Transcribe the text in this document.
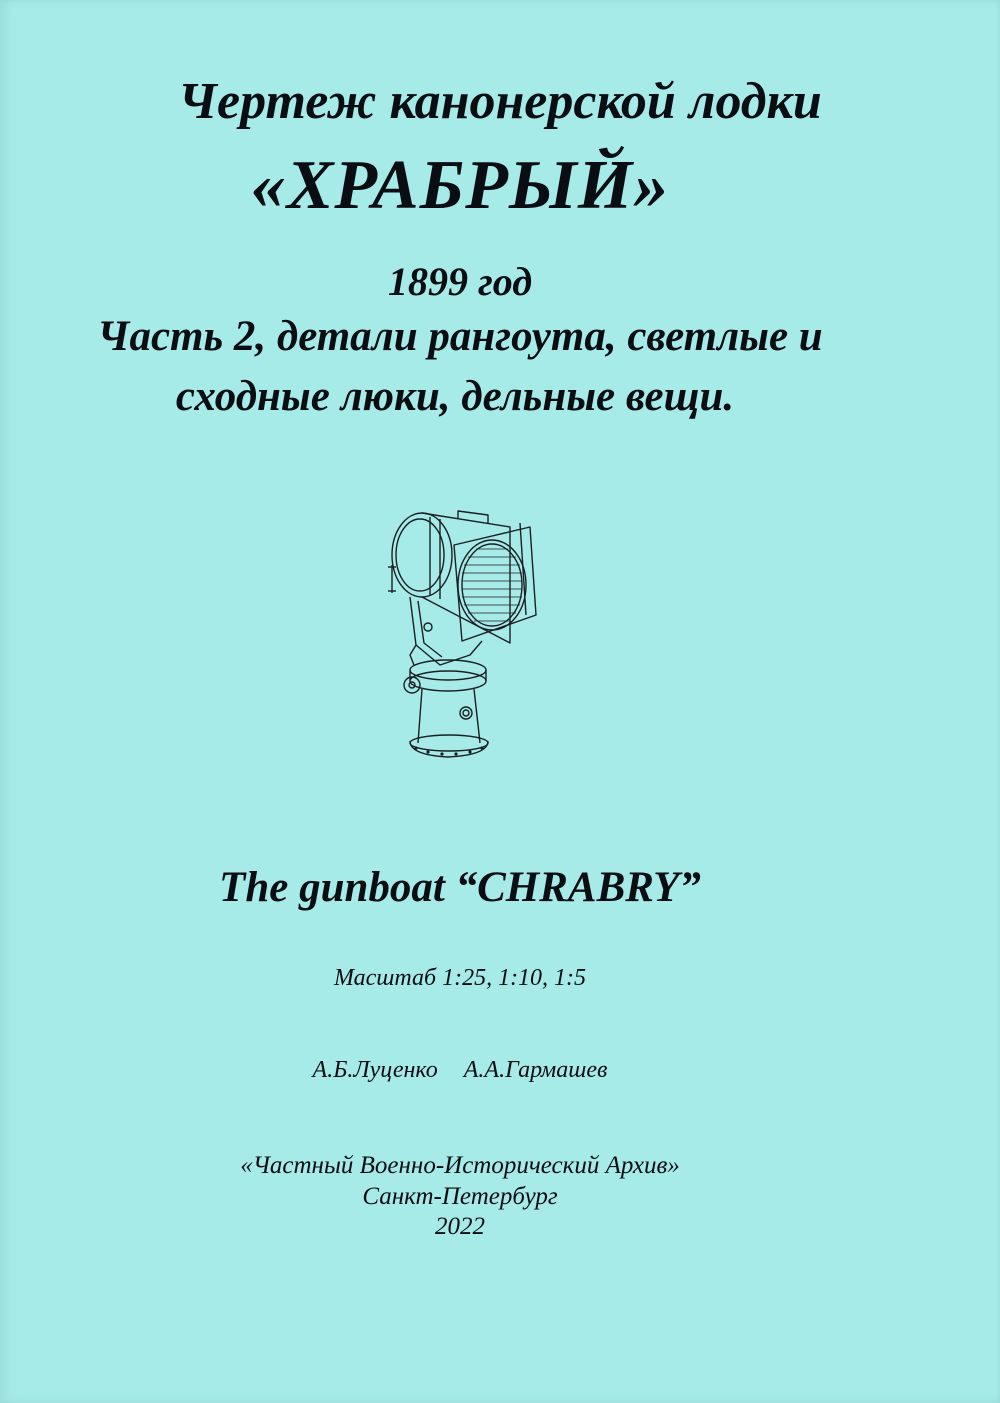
Чертеж канонерской лодки
«ХРАБРЫЙ»
1899 год
Часть 2, детали рангоута, светлые и
сходные люки, дельные вещи.
The gunboat “CHRABRY”
Масштаб 1:25, 1:10, 1:5
А.Б.Луценко А.А.Гармашев
«Частный Военно-Исторический Архив»
Санкт-Петербург
2022
